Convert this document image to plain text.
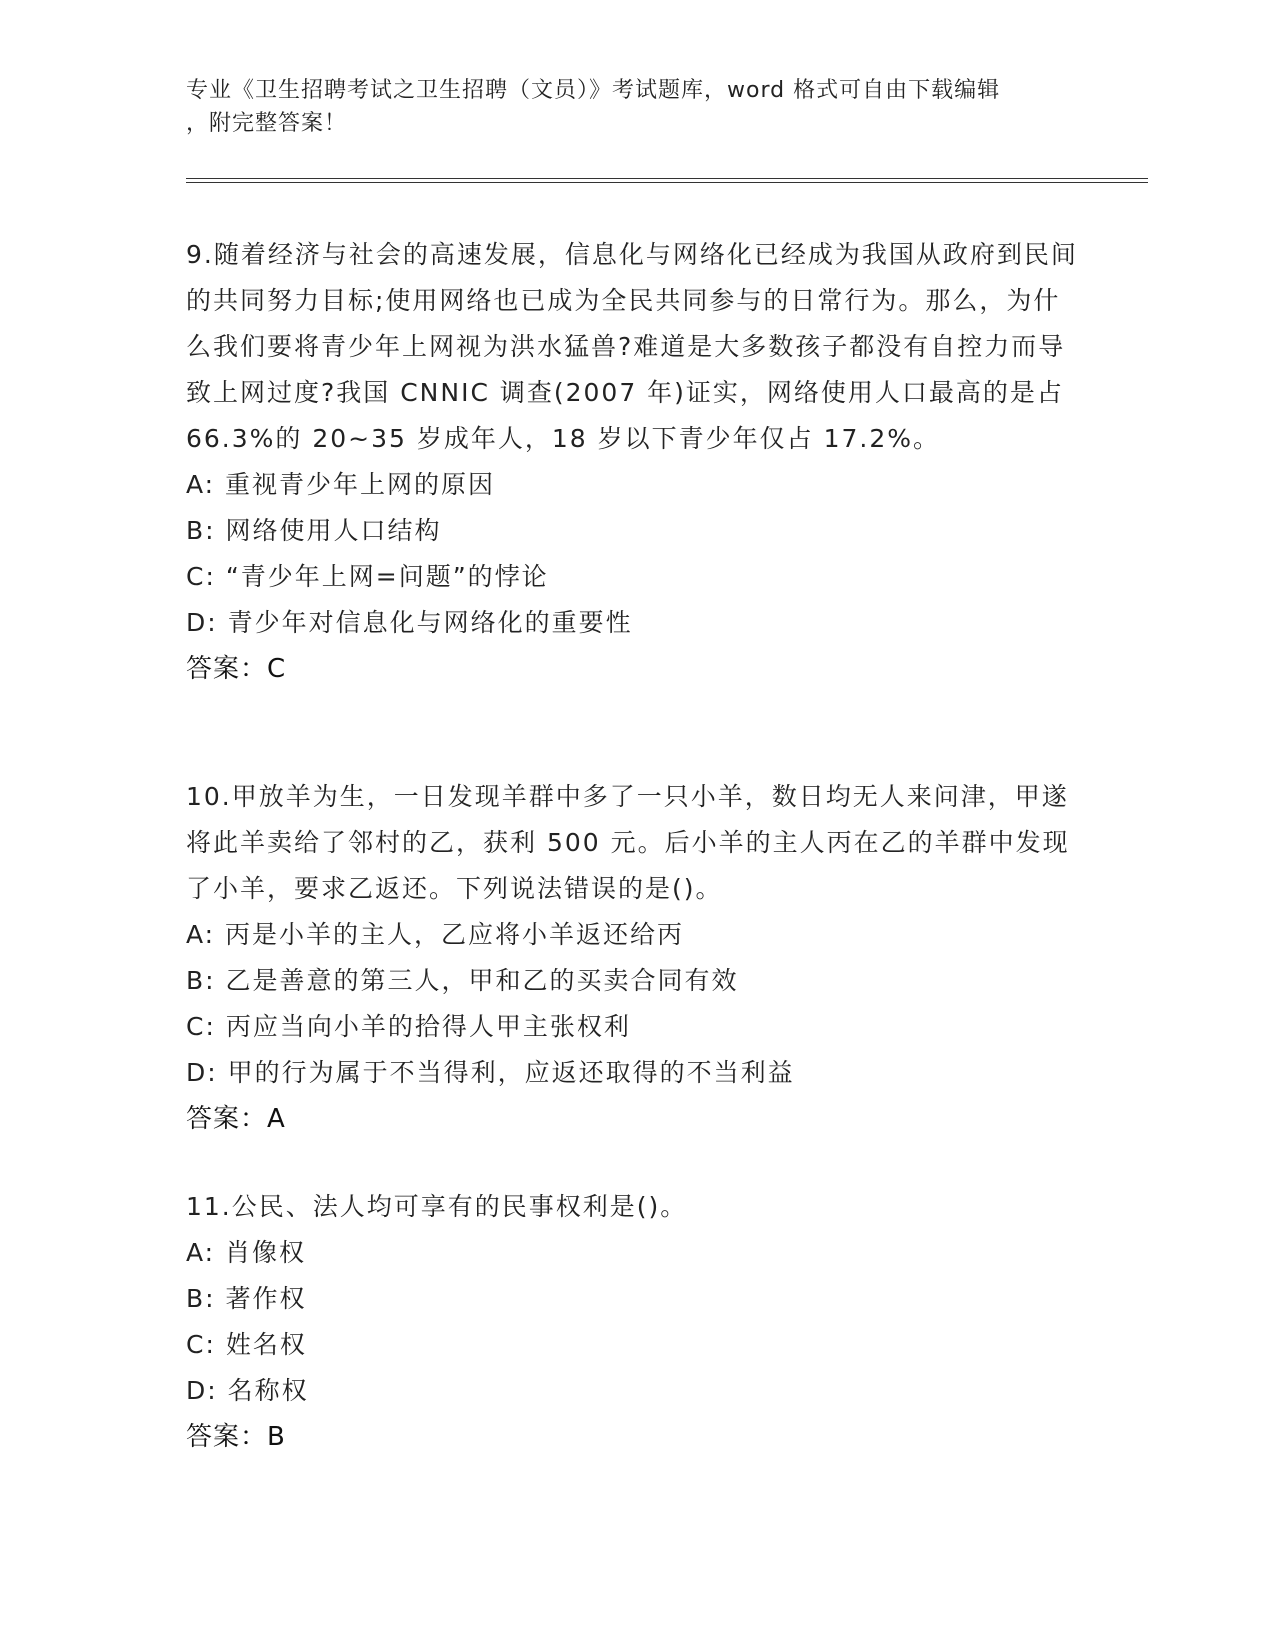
专业《卫生招聘考试之卫生招聘（文员）》考试题库，word 格式可自由下载编辑
，附完整答案！
9.随着经济与社会的高速发展，信息化与网络化已经成为我国从政府到民间的共同努力目标;使用网络也已成为全民共同参与的日常行为。那么，为什么我们要将青少年上网视为洪水猛兽?难道是大多数孩子都没有自控力而导致上网过度?我国 CNNIC 调查(2007 年)证实，网络使用人口最高的是占 66.3%的 20~35 岁成年人，18 岁以下青少年仅占 17.2%。
A: 重视青少年上网的原因
B: 网络使用人口结构
C: “青少年上网=问题”的悖论
D: 青少年对信息化与网络化的重要性
答案：C
10.甲放羊为生，一日发现羊群中多了一只小羊，数日均无人来问津，甲遂将此羊卖给了邻村的乙，获利 500 元。后小羊的主人丙在乙的羊群中发现了小羊，要求乙返还。下列说法错误的是()。
A: 丙是小羊的主人，乙应将小羊返还给丙
B: 乙是善意的第三人，甲和乙的买卖合同有效
C: 丙应当向小羊的拾得人甲主张权利
D: 甲的行为属于不当得利，应返还取得的不当利益
答案：A
11.公民、法人均可享有的民事权利是()。
A: 肖像权
B: 著作权
C: 姓名权
D: 名称权
答案：B
